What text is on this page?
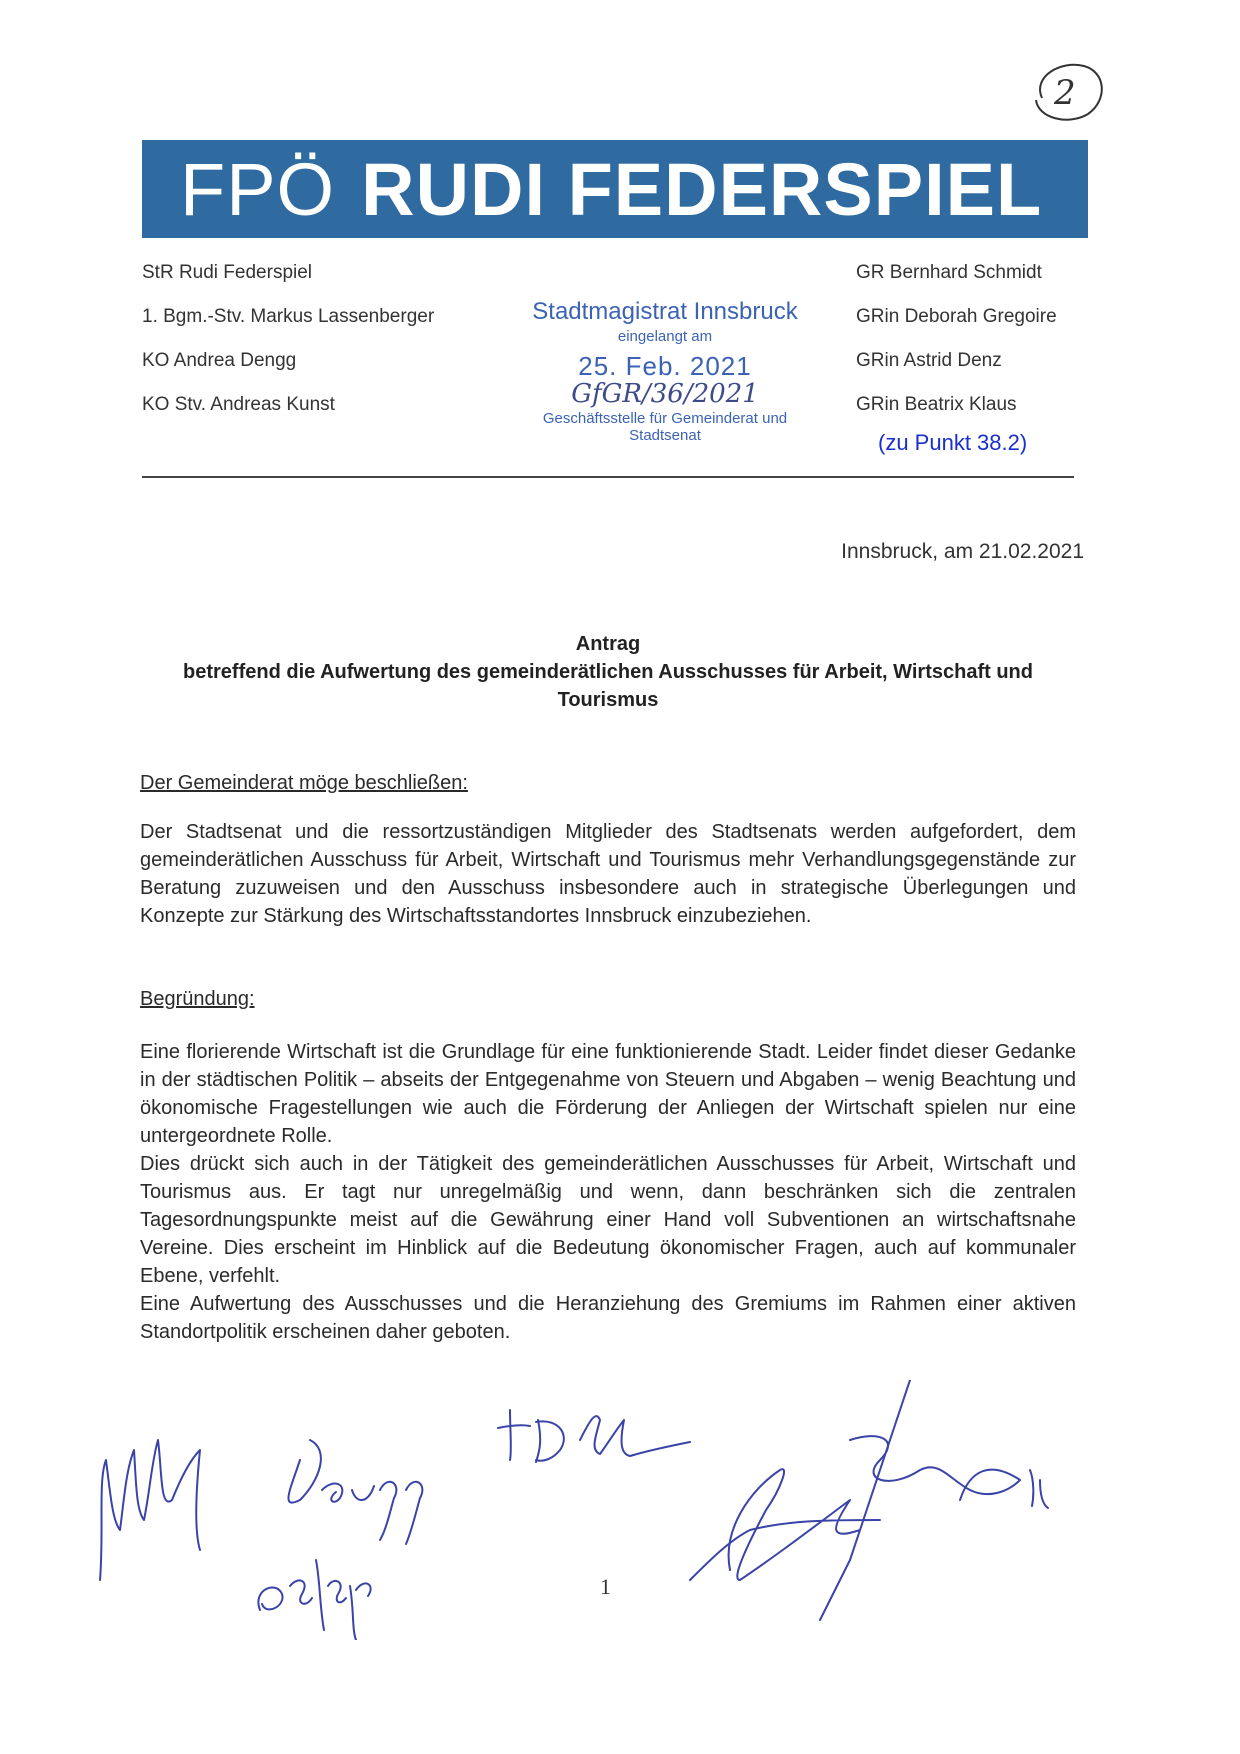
2
FPÖ RUDI FEDERSPIEL
StR Rudi Federspiel
1. Bgm.-Stv. Markus Lassenberger
KO Andrea Dengg
KO Stv. Andreas Kunst
GR Bernhard Schmidt
GRin Deborah Gregoire
GRin Astrid Denz
GRin Beatrix Klaus
Stadtmagistrat Innsbruck
eingelangt am
25. Feb. 2021
GfGR/36/2021
Geschäftsstelle für Gemeinderat und Stadtsenat	(zu Punkt 38.2)
Innsbruck, am 21.02.2021
Antrag
betreffend die Aufwertung des gemeinderätlichen Ausschusses für Arbeit, Wirtschaft und Tourismus
Der Gemeinderat möge beschließen:

Der Stadtsenat und die ressortzuständigen Mitglieder des Stadtsenats werden aufgefordert, dem gemeinderätlichen Ausschuss für Arbeit, Wirtschaft und Tourismus mehr Verhandlungsgegenstände zur Beratung zuzuweisen und den Ausschuss insbesondere auch in strategische Überlegungen und Konzepte zur Stärkung des Wirtschaftsstandortes Innsbruck einzubeziehen.

Begründung:

Eine florierende Wirtschaft ist die Grundlage für eine funktionierende Stadt. Leider findet dieser Gedanke in der städtischen Politik – abseits der Entgegenahme von Steuern und Abgaben – wenig Beachtung und ökonomische Fragestellungen wie auch die Förderung der Anliegen der Wirtschaft spielen nur eine untergeordnete Rolle.

Dies drückt sich auch in der Tätigkeit des gemeinderätlichen Ausschusses für Arbeit, Wirtschaft und Tourismus aus. Er tagt nur unregelmäßig und wenn, dann beschränken sich die zentralen Tagesordnungspunkte meist auf die Gewährung einer Hand voll Subventionen an wirtschaftsnahe Vereine. Dies erscheint im Hinblick auf die Bedeutung ökonomischer Fragen, auch auf kommunaler Ebene, verfehlt.

Eine Aufwertung des Ausschusses und die Heranziehung des Gremiums im Rahmen einer aktiven Standortpolitik erscheinen daher geboten.

1
